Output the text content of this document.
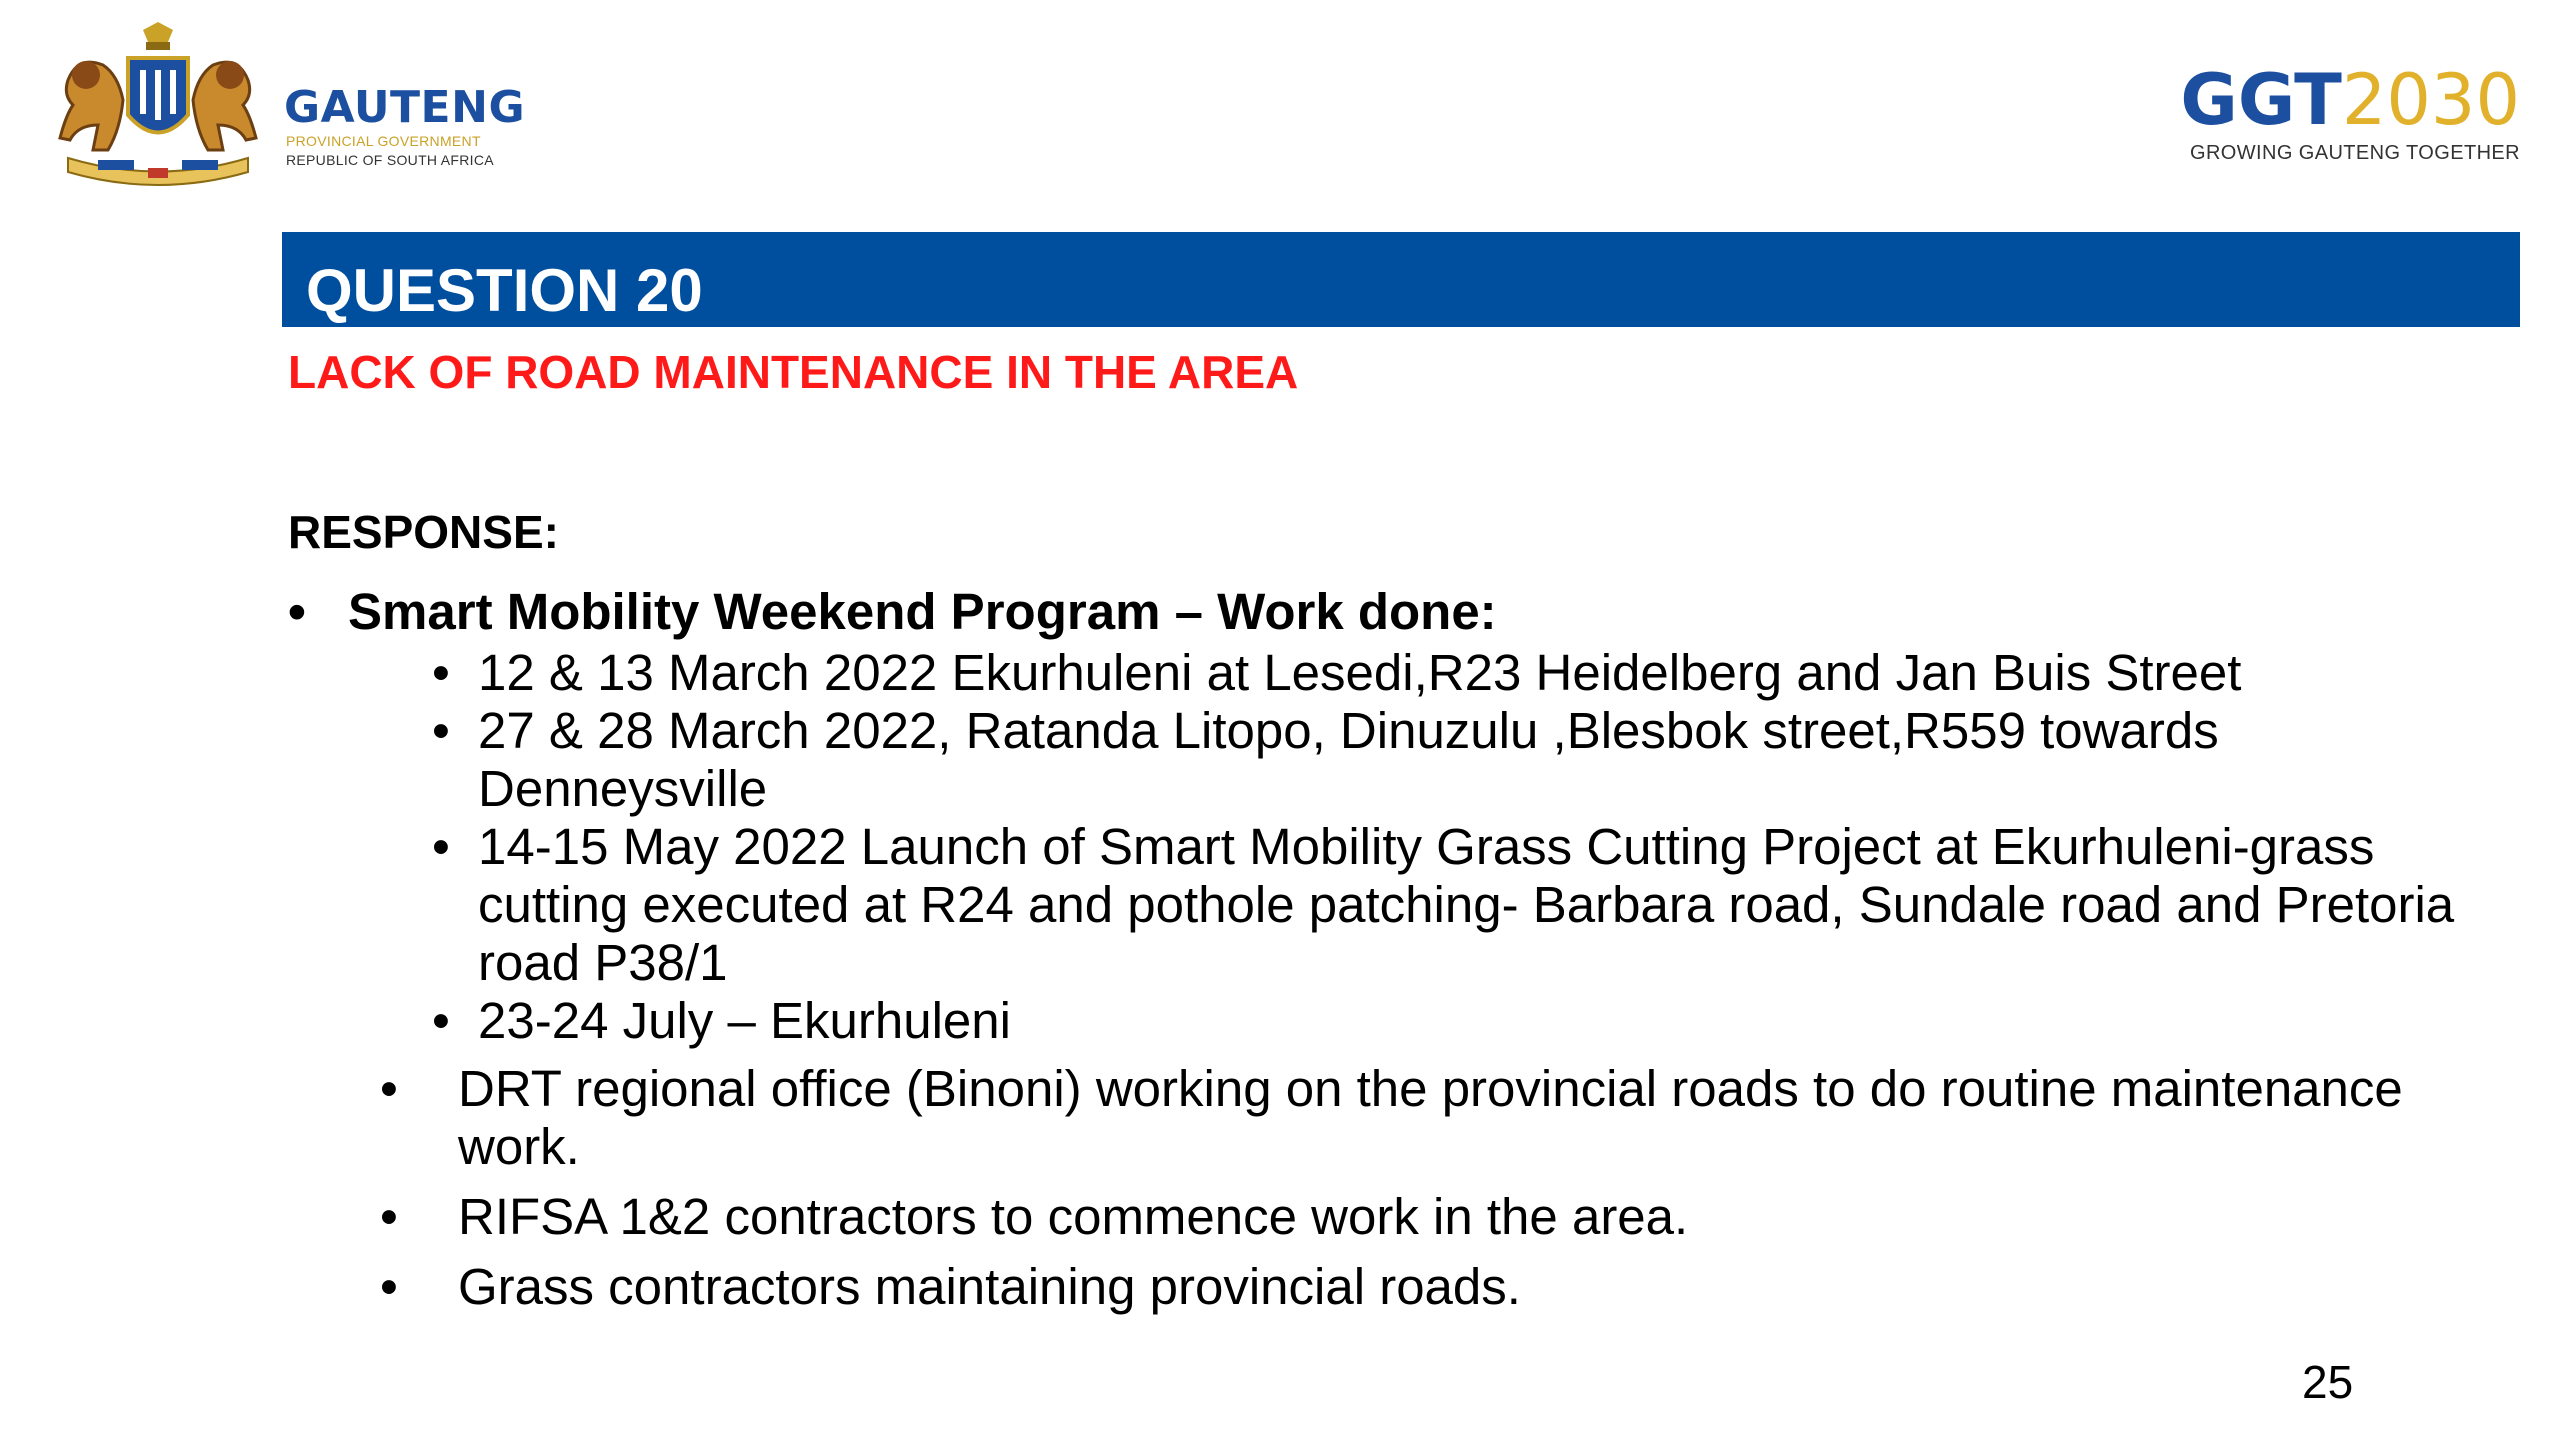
GAUTENG
PROVINCIAL GOVERNMENT
REPUBLIC OF SOUTH AFRICA
GGT2030
GROWING GAUTENG TOGETHER
QUESTION 20
LACK OF ROAD MAINTENANCE IN THE AREA
RESPONSE:
• Smart Mobility Weekend Program – Work done:
• 12 & 13 March 2022 Ekurhuleni at Lesedi,R23 Heidelberg and Jan Buis Street
• 27 & 28 March 2022, Ratanda Litopo, Dinuzulu ,Blesbok street,R559 towards Denneysville
• 14-15 May 2022 Launch of Smart Mobility Grass Cutting Project at Ekurhuleni-grass cutting executed at R24 and pothole patching- Barbara road, Sundale road and Pretoria road P38/1
• 23-24 July – Ekurhuleni
•	DRT regional office (Binoni) working on the provincial roads to do routine maintenance work.
•	RIFSA 1&2 contractors to commence work in the area.
•	Grass contractors maintaining provincial roads.
25
